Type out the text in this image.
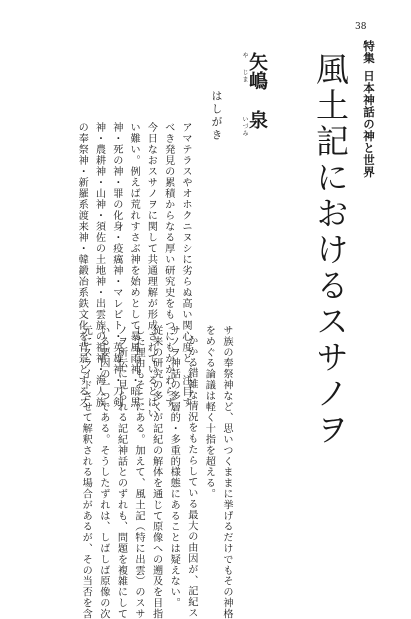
38
特集日本神話の神と世界
風土記におけるスサノヲ
や
じま
いづみ
矢嶋泉
はしがき
アマテラスやオホクニヌシに劣らぬ高い関心度と、注目す
べき発見の累積からなる厚い研究史をもつにもかかわらず、
今日なおスサノヲに関して共通理解が形成されているとはい
い難い。例えば荒れすさぶ神を始めとして暴風雨神・暗黒
神・死の神・罪の化身・疫癘神・マレビト・英雄神・刀剣
神・農耕神・山神・須佐の土地神・出雲族の祖神・海人族
の奉祭神・新羅系渡来神・韓鍛冶系鉄文化を背景とするス
サ族の奉祭神など、思いつくままに挙げるだけでもその神格
をめぐる論議は軽く十指を超える。
かかる錯雑な情況をもたらしている最大の由因が、記紀ス
サノヲ神話の多層的・多重的様態にあることは疑えない。
従来の研究の多くが記紀の解体を通じて原像への遡及を目指
した理由もそこにある。加えて、風土記（特に出雲）のスサ
ノヲ所伝に見られる記紀神話とのずれも、問題を複雑にして
いる要因の一つである。そうしたずれは、しばしば原像の次
元にスライドさせて解釈される場合があるが、その当否を含
